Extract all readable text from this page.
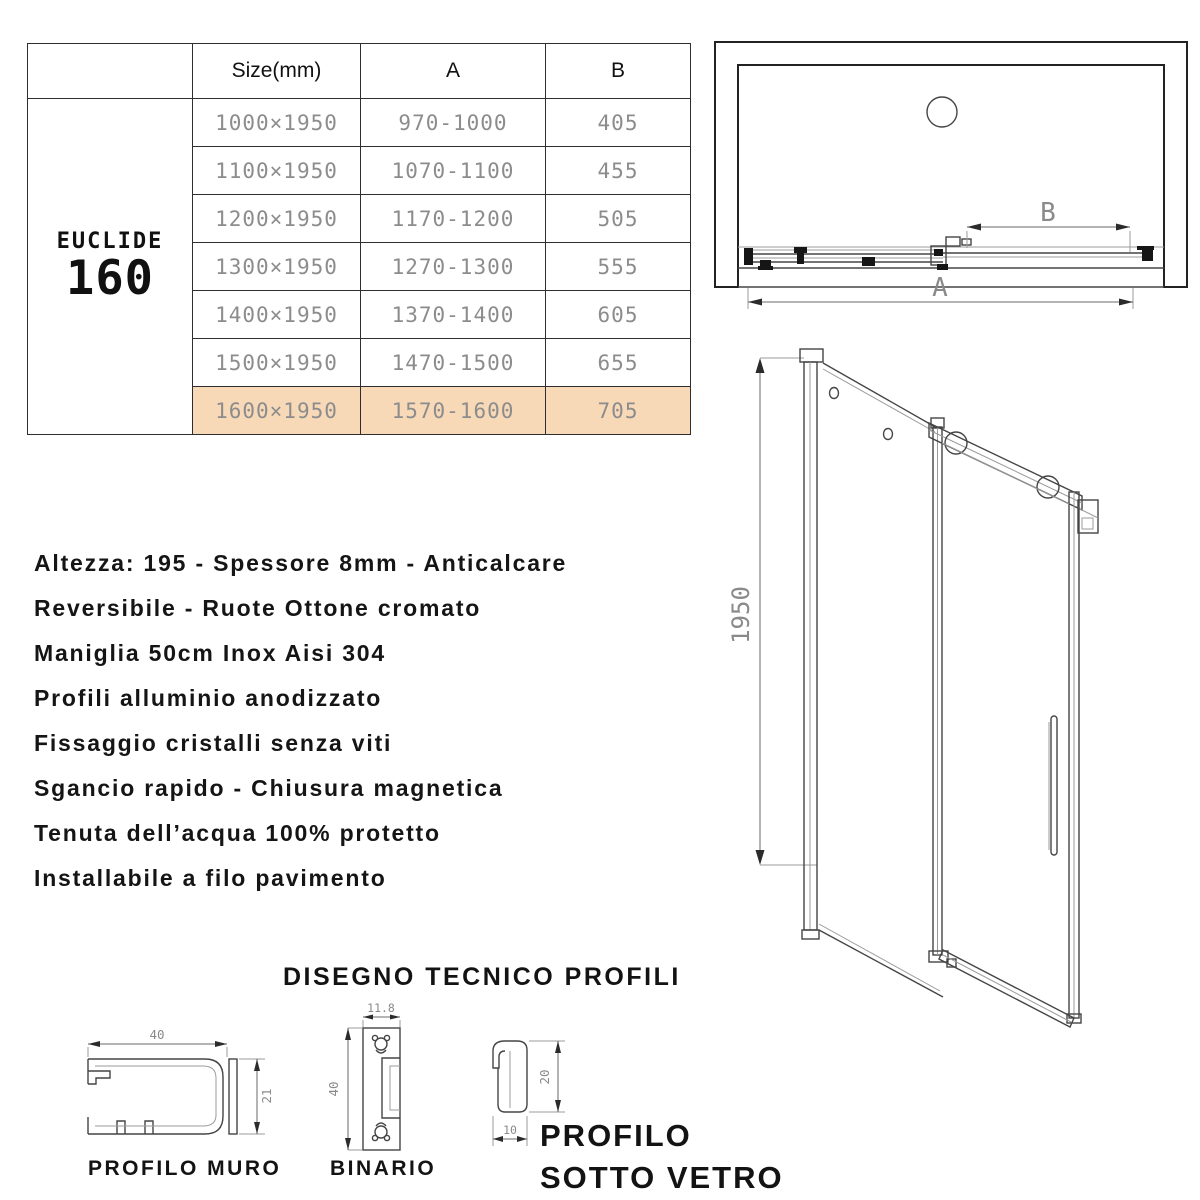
	Size(mm)	A	B

EUCLIDE
160	1000×1950	970-1000	405
	1100×1950	1070-1100	455
	1200×1950	1170-1200	505
	1300×1950	1270-1300	555
	1400×1950	1370-1400	605
	1500×1950	1470-1500	655
	1600×1950	1570-1600	705
B
A
Altezza: 195 - Spessore 8mm - Anticalcare
Reversibile - Ruote Ottone cromato
Maniglia 50cm Inox Aisi 304
Profili alluminio anodizzato
Fissaggio cristalli senza viti
Sgancio rapido - Chiusura magnetica
Tenuta dell’acqua 100% protetto
Installabile a filo pavimento
1950
DISEGNO TECNICO PROFILI
40
21
PROFILO MURO
11.8
40
BINARIO
20
10 PROFILO
SOTTO VETRO
